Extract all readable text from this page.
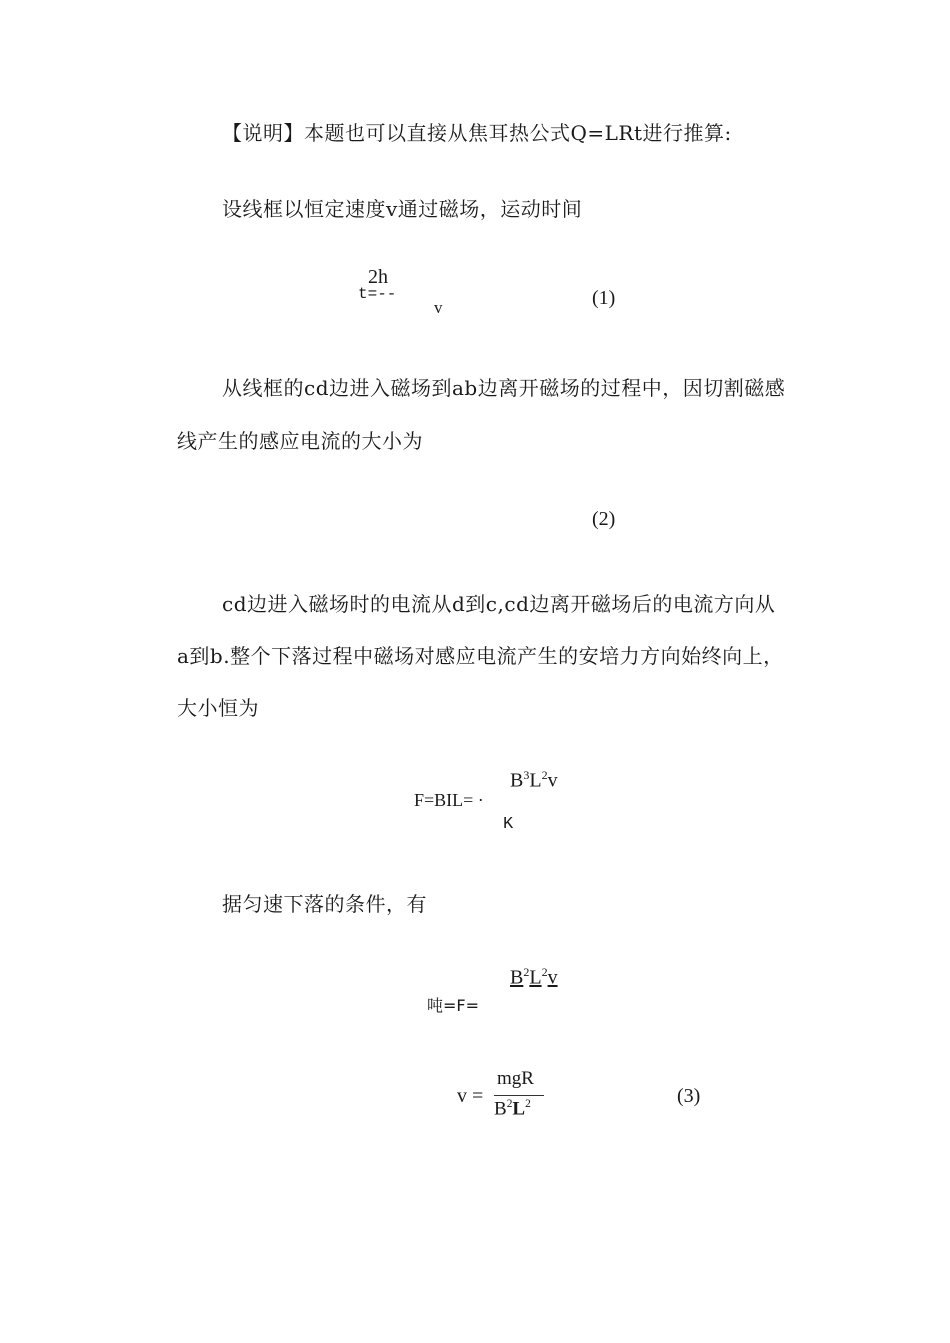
【说明】本题也可以直接从焦耳热公式Q=LRt进行推算:
设线框以恒定速度v通过磁场，运动时间
2h
t=--
v	(1)
从线框的cd边进入磁场到ab边离开磁场的过程中，因切割磁感
线产生的感应电流的大小为
(2)
cd边进入磁场时的电流从d到c,cd边离开磁场后的电流方向从
a到b.整个下落过程中磁场对感应电流产生的安培力方向始终向上，
大小恒为
F=BIL= ·
$B^3L^2v$
K
据匀速下落的条件，有
吨=F=
$B^2L^2v$
v =
mgR
$B^2L^2$	(3)
